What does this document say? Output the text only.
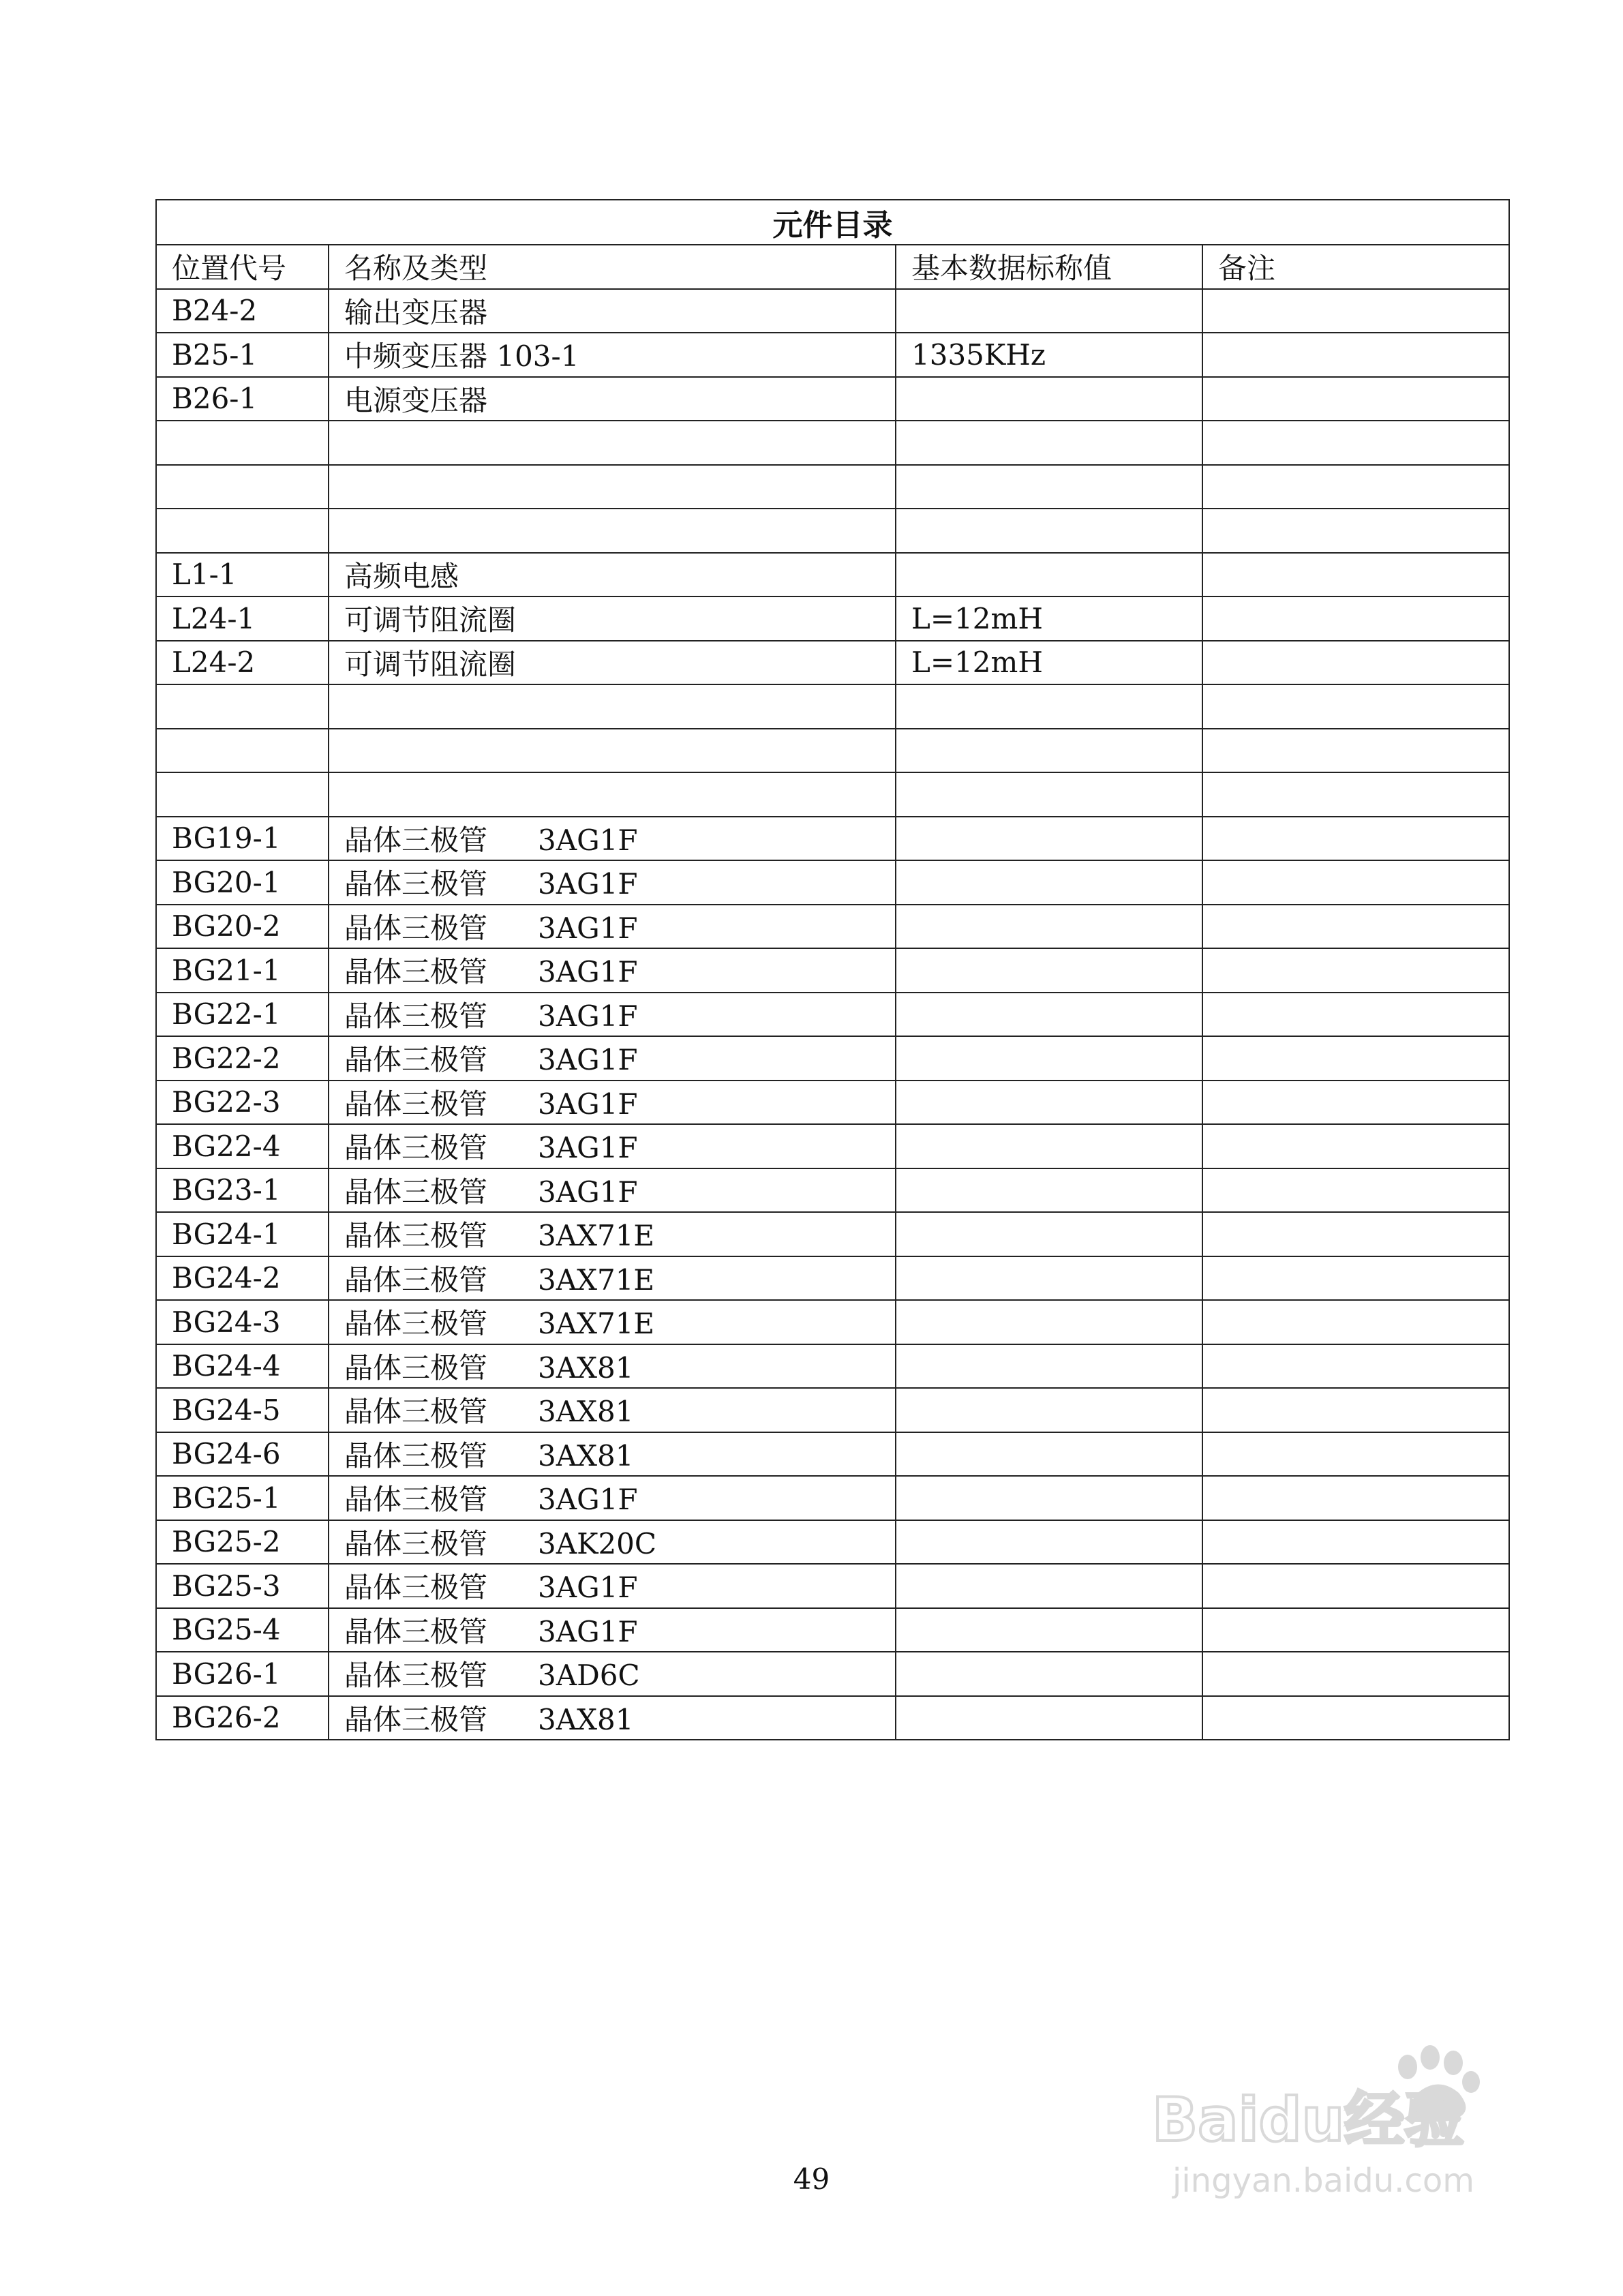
元件目录			
位置代号	名称及类型	基本数据标称值	备注
B24-2	输出变压器		
B25-1	中频变压器 103-1	1335KHz	
B26-1	电源变压器		

L1-1	高频电感		
L24-1	可调节阻流圈	L=12mH	
L24-2	可调节阻流圈	L=12mH	

BG19-1	晶体三极管 3AG1F		
BG20-1	晶体三极管 3AG1F		
BG20-2	晶体三极管 3AG1F		
BG21-1	晶体三极管 3AG1F		
BG22-1	晶体三极管 3AG1F		
BG22-2	晶体三极管 3AG1F		
BG22-3	晶体三极管 3AG1F		
BG22-4	晶体三极管 3AG1F		
BG23-1	晶体三极管 3AG1F		
BG24-1	晶体三极管 3AX71E		
BG24-2	晶体三极管 3AX71E		
BG24-3	晶体三极管 3AX71E		
BG24-4	晶体三极管 3AX81		
BG24-5	晶体三极管 3AX81		
BG24-6	晶体三极管 3AX81		
BG25-1	晶体三极管 3AG1F		
BG25-2	晶体三极管 3AK20C		
BG25-3	晶体三极管 3AG1F		
BG25-4	晶体三极管 3AG1F		
BG26-1	晶体三极管 3AD6C		
BG26-2	晶体三极管 3AX81		
49
Baidu经验
jingyan.baidu.com
